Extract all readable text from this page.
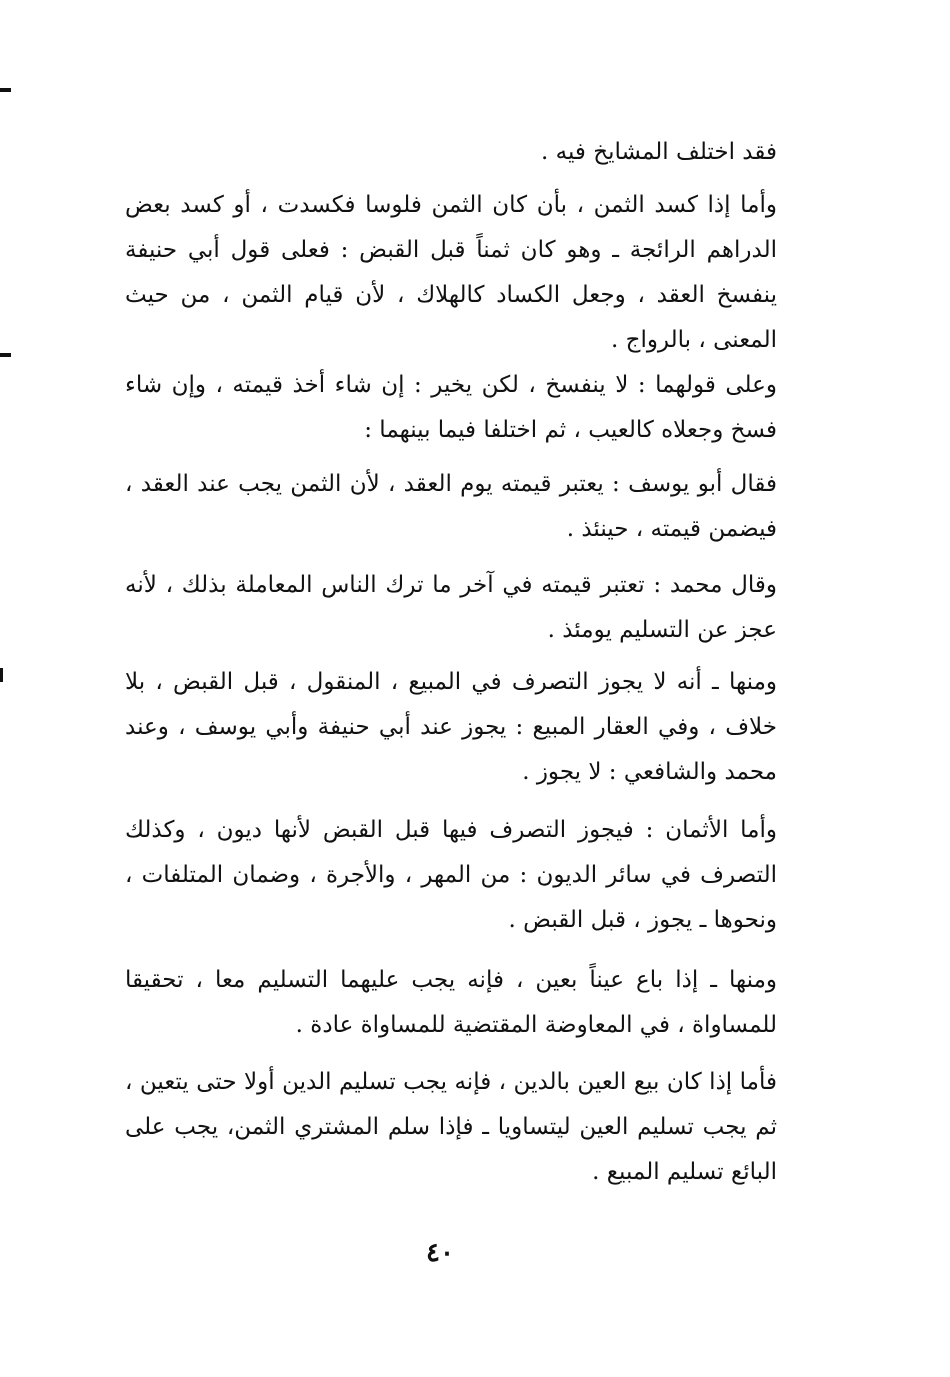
فقد اختلف المشايخ فيه .

وأما إذا كسد الثمن ، بأن كان الثمن فلوسا فكسدت ، أو كسد بعض الدراهم الرائجة ـ وهو كان ثمناً قبل القبض : فعلى قول أبي حنيفة ينفسخ العقد ، وجعل الكساد كالهلاك ، لأن قيام الثمن ، من حيث المعنى ، بالرواج .

وعلى قولهما : لا ينفسخ ، لكن يخير : إن شاء أخذ قيمته ، وإن شاء فسخ وجعلاه كالعيب ، ثم اختلفا فيما بينهما :

فقال أبو يوسف : يعتبر قيمته يوم العقد ، لأن الثمن يجب عند العقد ، فيضمن قيمته ، حينئذ .

وقال محمد : تعتبر قيمته في آخر ما ترك الناس المعاملة بذلك ، لأنه عجز عن التسليم يومئذ .

ومنها ـ أنه لا يجوز التصرف في المبيع ، المنقول ، قبل القبض ، بلا خلاف ، وفي العقار المبيع : يجوز عند أبي حنيفة وأبي يوسف ، وعند محمد والشافعي : لا يجوز .

وأما الأثمان : فيجوز التصرف فيها قبل القبض لأنها ديون ، وكذلك التصرف في سائر الديون : من المهر ، والأجرة ، وضمان المتلفات ، ونحوها ـ يجوز ، قبل القبض .

ومنها ـ إذا باع عيناً بعين ، فإنه يجب عليهما التسليم معا ، تحقيقا للمساواة ، في المعاوضة المقتضية للمساواة عادة .

فأما إذا كان بيع العين بالدين ، فإنه يجب تسليم الدين أولا حتى يتعين ، ثم يجب تسليم العين ليتساويا ـ فإذا سلم المشتري الثمن، يجب على البائع تسليم المبيع .

٤٠
